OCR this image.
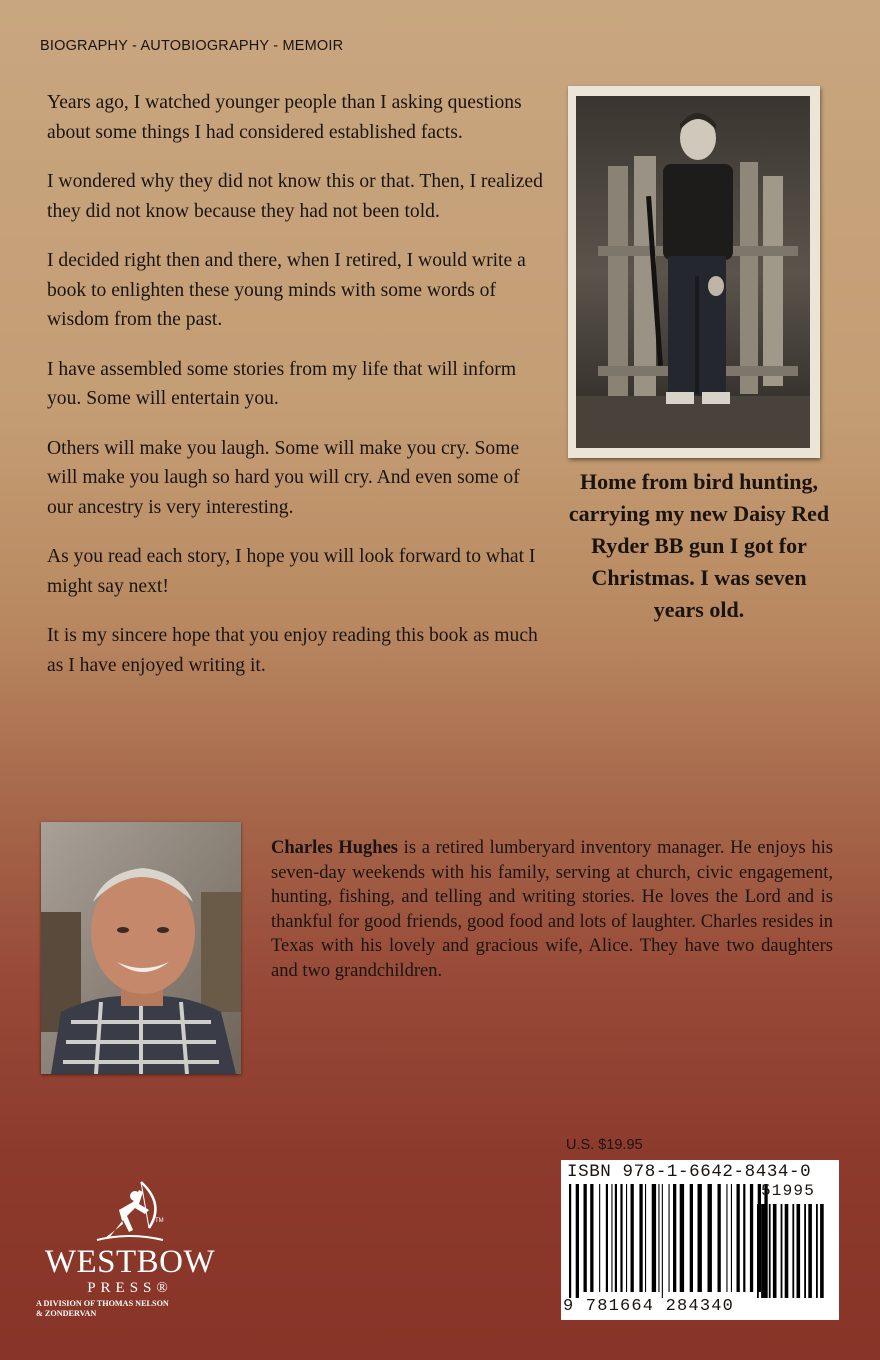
BIOGRAPHY - AUTOBIOGRAPHY - MEMOIR

Years ago, I watched younger people than I asking questions about some things I had considered established facts.

I wondered why they did not know this or that. Then, I realized they did not know because they had not been told.

I decided right then and there, when I retired, I would write a book to enlighten these young minds with some words of wisdom from the past.

I have assembled some stories from my life that will inform you. Some will entertain you.

Others will make you laugh. Some will make you cry. Some will make you laugh so hard you will cry. And even some of our ancestry is very interesting.

As you read each story, I hope you will look forward to what I might say next!

It is my sincere hope that you enjoy reading this book as much as I have enjoyed writing it.

Home from bird hunting, carrying my new Daisy Red Ryder BB gun I got for Christmas. I was seven years old.
Charles Hughes is a retired lumberyard inventory manager. He enjoys his seven-day weekends with his family, serving at church, civic engagement, hunting, fishing, and telling and writing stories. He loves the Lord and is thankful for good friends, good food and lots of laughter. Charles resides in Texas with his lovely and gracious wife, Alice. They have two daughters and two grandchildren.
U.S. $19.95
ISBN 978-1-6642-8434-0
51995
9 781664 284340
TM
WESTBOW
PRESS®
A DIVISION OF THOMAS NELSON
& ZONDERVAN
